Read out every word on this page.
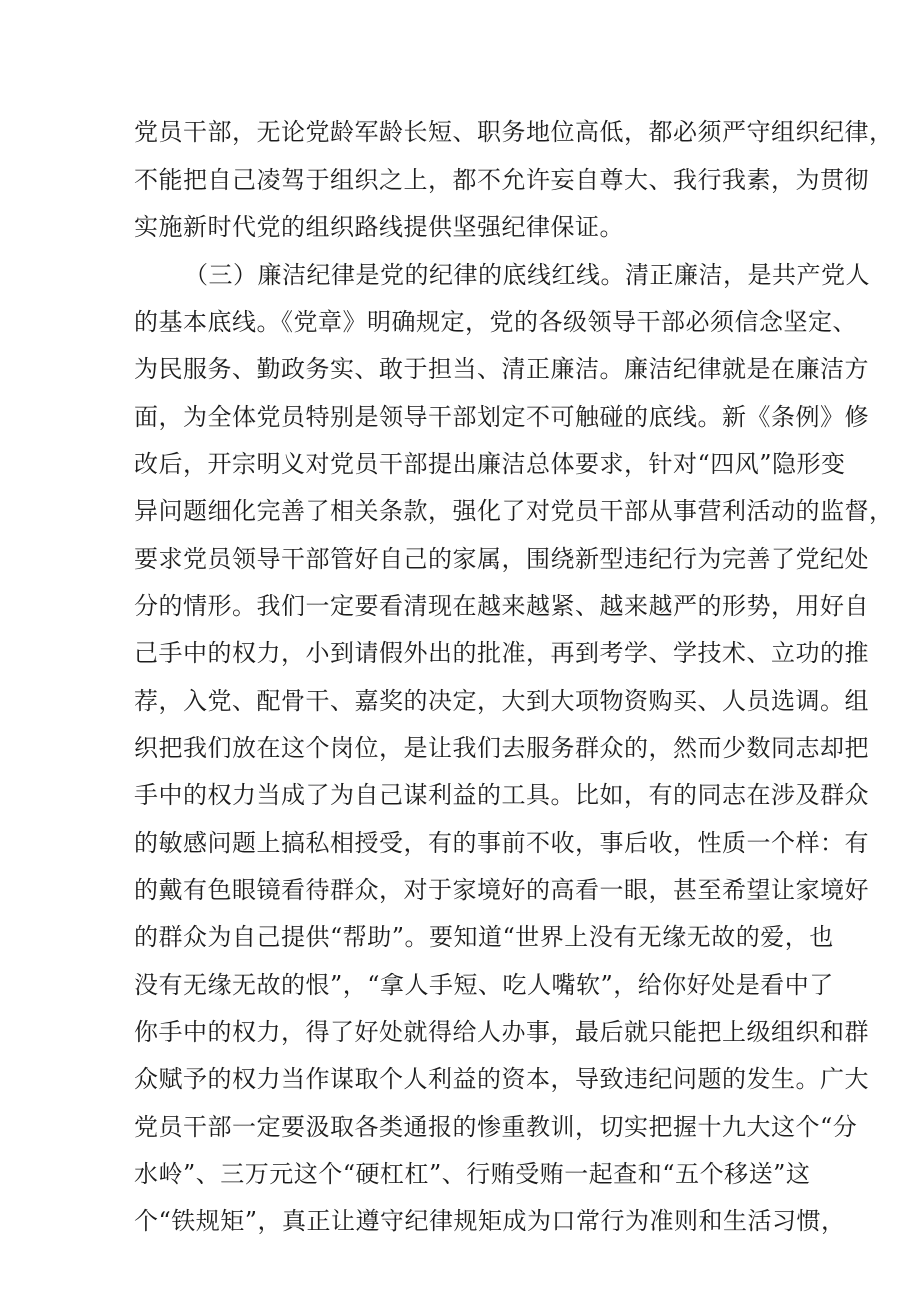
党员干部，无论党龄军龄长短、职务地位高低，都必须严守组织纪律，
不能把自己凌驾于组织之上，都不允许妄自尊大、我行我素，为贯彻
实施新时代党的组织路线提供坚强纪律保证。
（三）廉洁纪律是党的纪律的底线红线。清正廉洁，是共产党人
的基本底线。《党章》明确规定，党的各级领导干部必须信念坚定、
为民服务、勤政务实、敢于担当、清正廉洁。廉洁纪律就是在廉洁方
面，为全体党员特别是领导干部划定不可触碰的底线。新《条例》修
改后，开宗明义对党员干部提出廉洁总体要求，针对“四风”隐形变
异问题细化完善了相关条款，强化了对党员干部从事营利活动的监督，
要求党员领导干部管好自己的家属，围绕新型违纪行为完善了党纪处
分的情形。我们一定要看清现在越来越紧、越来越严的形势，用好自
己手中的权力，小到请假外出的批准，再到考学、学技术、立功的推
荐，入党、配骨干、嘉奖的决定，大到大项物资购买、人员选调。组
织把我们放在这个岗位，是让我们去服务群众的，然而少数同志却把
手中的权力当成了为自己谋利益的工具。比如，有的同志在涉及群众
的敏感问题上搞私相授受，有的事前不收，事后收，性质一个样：有
的戴有色眼镜看待群众，对于家境好的高看一眼，甚至希望让家境好
的群众为自己提供“帮助”。要知道“世界上没有无缘无故的爱，也
没有无缘无故的恨”，“拿人手短、吃人嘴软”，给你好处是看中了
你手中的权力，得了好处就得给人办事，最后就只能把上级组织和群
众赋予的权力当作谋取个人利益的资本，导致违纪问题的发生。广大
党员干部一定要汲取各类通报的惨重教训，切实把握十九大这个“分
水岭”、三万元这个“硬杠杠”、行贿受贿一起查和“五个移送”这
个“铁规矩”，真正让遵守纪律规矩成为口常行为准则和生活习惯，
